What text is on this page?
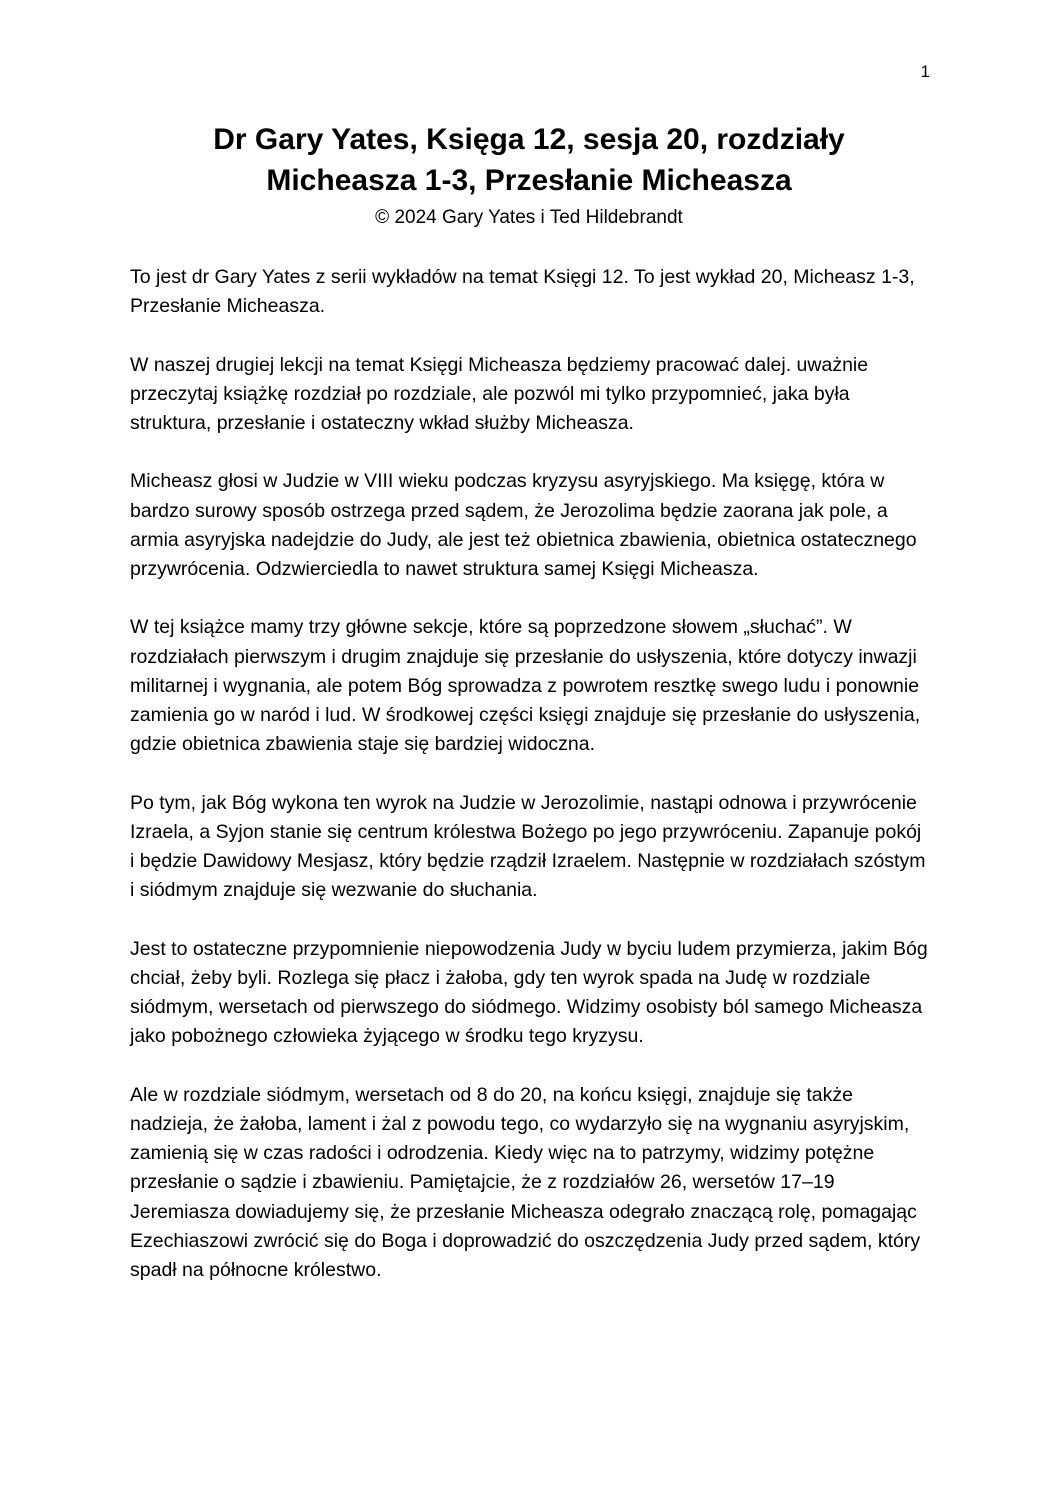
1
Dr Gary Yates, Księga 12, sesja 20, rozdziały
Micheasza 1-3, Przesłanie Micheasza
© 2024 Gary Yates i Ted Hildebrandt

To jest dr Gary Yates z serii wykładów na temat Księgi 12. To jest wykład 20, Micheasz 1-3, Przesłanie Micheasza.

W naszej drugiej lekcji na temat Księgi Micheasza będziemy pracować dalej. uważnie przeczytaj książkę rozdział po rozdziale, ale pozwól mi tylko przypomnieć, jaka była struktura, przesłanie i ostateczny wkład służby Micheasza.

Micheasz głosi w Judzie w VIII wieku podczas kryzysu asyryjskiego. Ma księgę, która w bardzo surowy sposób ostrzega przed sądem, że Jerozolima będzie zaorana jak pole, a armia asyryjska nadejdzie do Judy, ale jest też obietnica zbawienia, obietnica ostatecznego przywrócenia. Odzwierciedla to nawet struktura samej Księgi Micheasza.

W tej książce mamy trzy główne sekcje, które są poprzedzone słowem „słuchać”. W rozdziałach pierwszym i drugim znajduje się przesłanie do usłyszenia, które dotyczy inwazji militarnej i wygnania, ale potem Bóg sprowadza z powrotem resztkę swego ludu i ponownie zamienia go w naród i lud. W środkowej części księgi znajduje się przesłanie do usłyszenia, gdzie obietnica zbawienia staje się bardziej widoczna.

Po tym, jak Bóg wykona ten wyrok na Judzie w Jerozolimie, nastąpi odnowa i przywrócenie Izraela, a Syjon stanie się centrum królestwa Bożego po jego przywróceniu. Zapanuje pokój i będzie Dawidowy Mesjasz, który będzie rządził Izraelem. Następnie w rozdziałach szóstym i siódmym znajduje się wezwanie do słuchania.

Jest to ostateczne przypomnienie niepowodzenia Judy w byciu ludem przymierza, jakim Bóg chciał, żeby byli. Rozlega się płacz i żałoba, gdy ten wyrok spada na Judę w rozdziale siódmym, wersetach od pierwszego do siódmego. Widzimy osobisty ból samego Micheasza jako pobożnego człowieka żyjącego w środku tego kryzysu.

Ale w rozdziale siódmym, wersetach od 8 do 20, na końcu księgi, znajduje się także nadzieja, że żałoba, lament i żal z powodu tego, co wydarzyło się na wygnaniu asyryjskim, zamienią się w czas radości i odrodzenia. Kiedy więc na to patrzymy, widzimy potężne przesłanie o sądzie i zbawieniu. Pamiętajcie, że z rozdziałów 26, wersetów 17–19 Jeremiasza dowiadujemy się, że przesłanie Micheasza odegrało znaczącą rolę, pomagając Ezechiaszowi zwrócić się do Boga i doprowadzić do oszczędzenia Judy przed sądem, który spadł na północne królestwo.
